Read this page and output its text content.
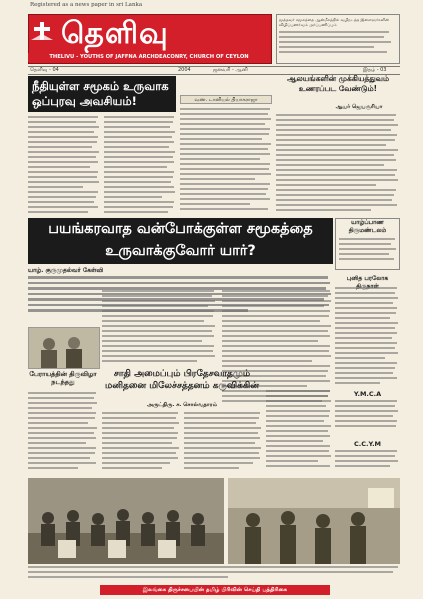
Registered as a news paper in sri Lanka
தெளிவு
THELIVU - YOUTHS OF JAFFNA ARCHDEACONRY, CHURCH OF CEYLON
மூத்தவர் சமூகத்தை ஆன்மீகத்தில் வழிநடத்த இளைஞர்களின் விழிப்புணர்வும் அர்ப்பணிப்பும்
தெளிவு - 04	2004	ஜனவரி - ஆனி	இதழ் - 03
நீதியுள்ள சமூகம் உருவாக ஒப்புரவு அவசியம்!	வண. டானியல் தியாகராஜா
ஆலயங்களின் முக்கியத்துவம் உணரப்பட வேண்டும்!
ஆயர் ஜெயசூரியா
பயங்கரவாத வன்போக்குள்ள சமூகத்தை உருவாக்குவோர் யார்?
யாழ். குருமுதல்வர் கேள்வி
யாழ்ப்பாண திருமண்டலம்
புனித பரலோக
பேராயத்தின் திருவிழா நடந்தது
சாதி அமைப்பும் பிரதேசவாதமும் மனிதனை மிலேச்சத்தனம் கருவிக்கின்
அருட்திரு. ச. சொல்வதாரம்
Y.M.C.A
C.C.Y.M
இலங்கை திருச்சபையின் தமிழ் பிரிவின் செய்தி பத்திரிகை
